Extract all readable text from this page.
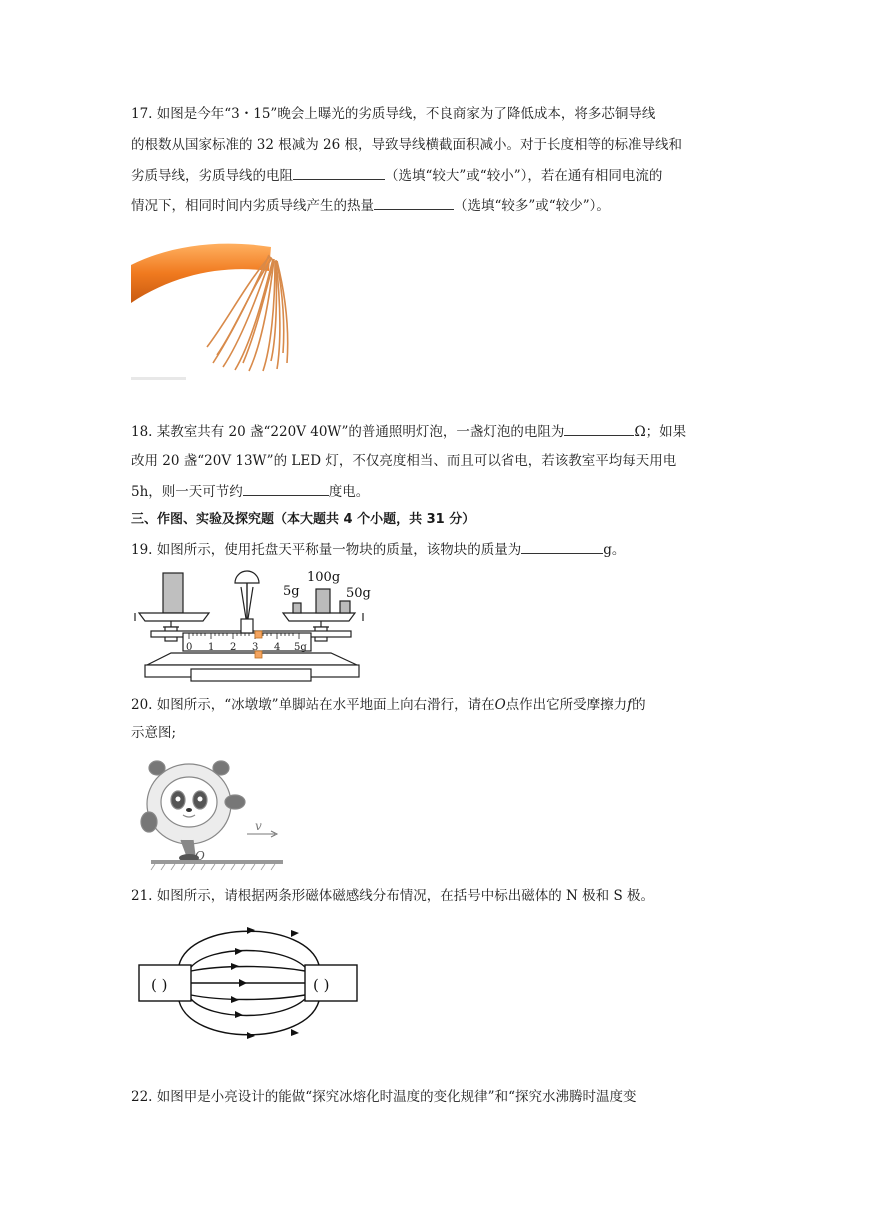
17. 如图是今年“3・15”晚会上曝光的劣质导线，不良商家为了降低成本，将多芯铜导线
的根数从国家标准的 32 根减为 26 根，导致导线横截面积减小。对于长度相等的标准导线和
劣质导线，劣质导线的电阻	（选填“较大”或“较小”），若在通有相同电流的
情况下，相同时间内劣质导线产生的热量	（选填“较多”或“较少”）。
18. 某教室共有 20 盏“220V 40W”的普通照明灯泡，一盏灯泡的电阻为	Ω；如果
改用 20 盏“20V 13W”的 LED 灯，不仅亮度相当、而且可以省电，若该教室平均每天用电
5h，则一天可节约	度电。
三、作图、实验及探究题（本大题共 4 个小题，共 31 分）
19. 如图所示，使用托盘天平称量一物块的质量，该物块的质量为	g。
0 1 2 3 4 5g
5g
100g
50g
20. 如图所示，“冰墩墩”单脚站在水平地面上向右滑行，请在O点作出它所受摩擦力f的
示意图;
v
O
21. 如图所示，请根据两条形磁体磁感线分布情况，在括号中标出磁体的 N 极和 S 极。
( )	( )
22. 如图甲是小亮设计的能做“探究冰熔化时温度的变化规律”和“探究水沸腾时温度变
